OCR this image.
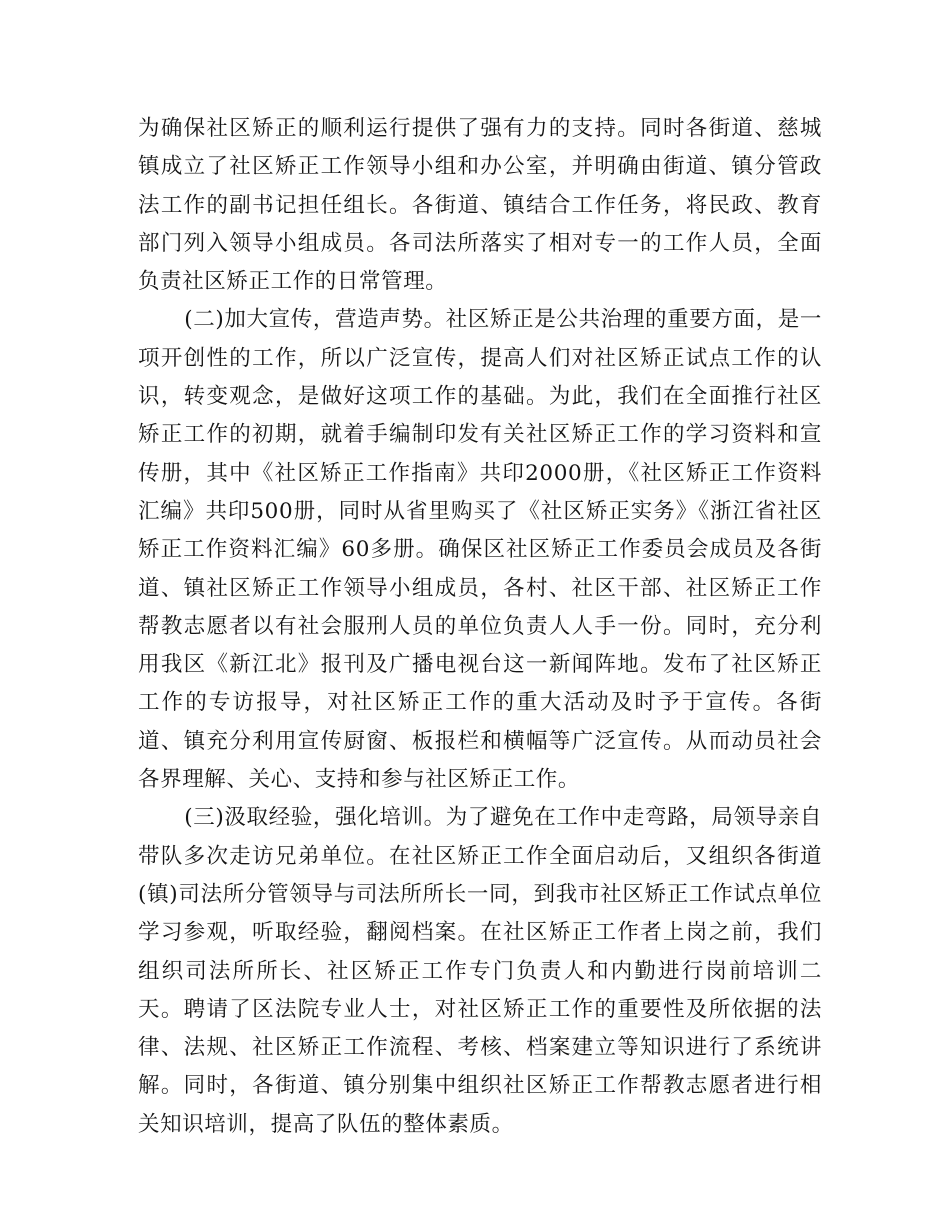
为确保社区矫正的顺利运行提供了强有力的支持。同时各街道、慈城镇成立了社区矫正工作领导小组和办公室，并明确由街道、镇分管政法工作的副书记担任组长。各街道、镇结合工作任务，将民政、教育部门列入领导小组成员。各司法所落实了相对专一的工作人员，全面负责社区矫正工作的日常管理。

(二)加大宣传，营造声势。社区矫正是公共治理的重要方面，是一项开创性的工作，所以广泛宣传，提高人们对社区矫正试点工作的认识，转变观念，是做好这项工作的基础。为此，我们在全面推行社区矫正工作的初期，就着手编制印发有关社区矫正工作的学习资料和宣传册，其中《社区矫正工作指南》共印2000册，《社区矫正工作资料汇编》共印500册，同时从省里购买了《社区矫正实务》《浙江省社区矫正工作资料汇编》60多册。确保区社区矫正工作委员会成员及各街道、镇社区矫正工作领导小组成员，各村、社区干部、社区矫正工作帮教志愿者以有社会服刑人员的单位负责人人手一份。同时，充分利用我区《新江北》报刊及广播电视台这一新闻阵地。发布了社区矫正工作的专访报导，对社区矫正工作的重大活动及时予于宣传。各街道、镇充分利用宣传厨窗、板报栏和横幅等广泛宣传。从而动员社会各界理解、关心、支持和参与社区矫正工作。

(三)汲取经验，强化培训。为了避免在工作中走弯路，局领导亲自带队多次走访兄弟单位。在社区矫正工作全面启动后，又组织各街道(镇)司法所分管领导与司法所所长一同，到我市社区矫正工作试点单位学习参观，听取经验，翻阅档案。在社区矫正工作者上岗之前，我们组织司法所所长、社区矫正工作专门负责人和内勤进行岗前培训二天。聘请了区法院专业人士，对社区矫正工作的重要性及所依据的法律、法规、社区矫正工作流程、考核、档案建立等知识进行了系统讲解。同时，各街道、镇分别集中组织社区矫正工作帮教志愿者进行相关知识培训，提高了队伍的整体素质。
